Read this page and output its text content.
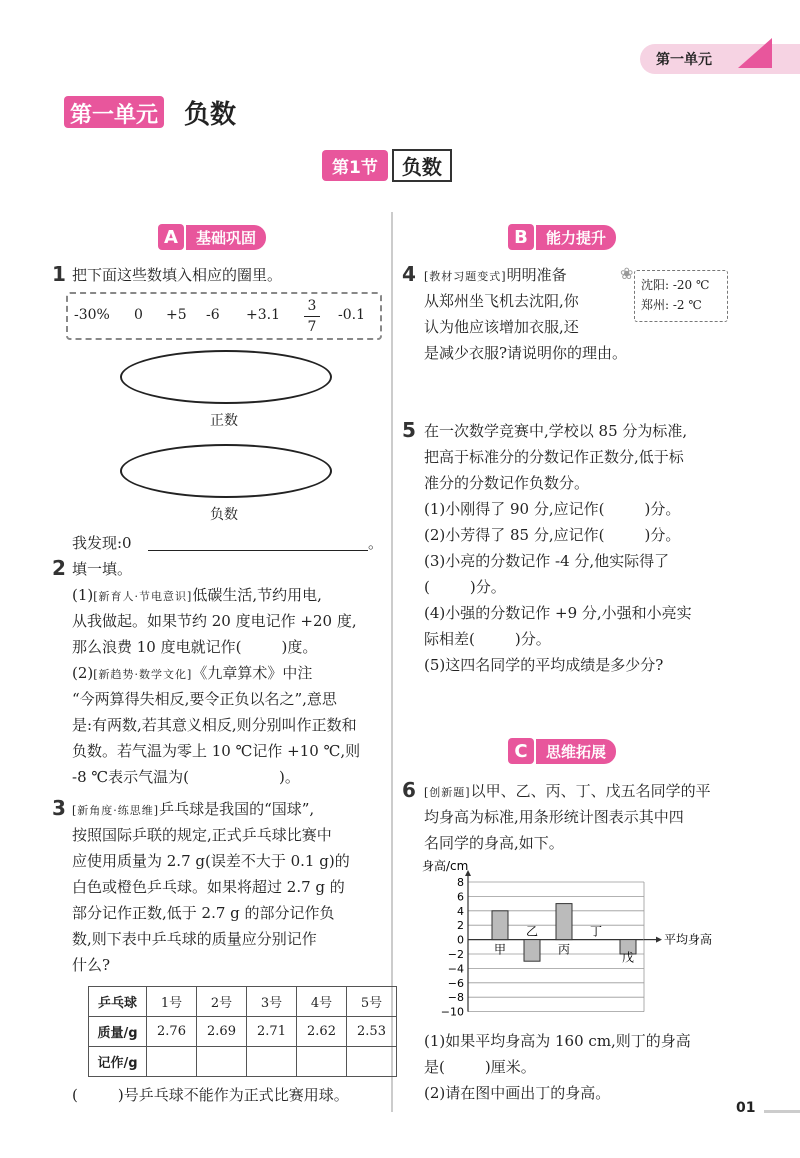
第一单元
第一单元 负数
第1节	负数
A	基础巩固
1 把下面这些数填入相应的圈里。
-30% 0 +5 $-6 +3.1 \frac{3}{7} -0.1$
正数
负数
我发现:0	。
2 填一填。
(1)[新育人·节电意识]低碳生活,节约用电,
从我做起。如果节约 20 度电记作 +20 度,
那么浪费 10 度电就记作(	)度。
(2)[新趋势·数学文化]《九章算术》中注
“今两算得失相反,要令正负以名之”,意思
是:有两数,若其意义相反,则分别叫作正数和
负数。若气温为零上 10 ℃记作 +10 ℃,则
-8 ℃表示气温为(	)。
3 [新角度·练思维]乒乓球是我国的“国球”,
按照国际乒联的规定,正式乒乓球比赛中
应使用质量为 2.7 g(误差不大于 0.1 g)的
白色或橙色乒乓球。如果将超过 2.7 g 的
部分记作正数,低于 2.7 g 的部分记作负
数,则下表中乒乓球的质量应分别记作
什么?
乒乓球	1号	2号	3号	4号	5号
质量/g	2.76	2.69	2.71	2.62	2.53
记作/g					
(	)号乒乓球不能作为正式比赛用球。
B	能力提升
4 [教材习题变式]明明准备
从郑州坐飞机去沈阳,你
认为他应该增加衣服,还
是减少衣服?请说明你的理由。
❀
沈阳: -20 ℃
郑州: -2 ℃
5 在一次数学竞赛中,学校以 85 分为标准,
把高于标准分的分数记作正数分,低于标
准分的分数记作负数分。
(1)小刚得了 90 分,应记作(	)分。
(2)小芳得了 85 分,应记作(	)分。
(3)小亮的分数记作 -4 分,他实际得了
(	)分。
(4)小强的分数记作 +9 分,小强和小亮实
际相差(	)分。
(5)这四名同学的平均成绩是多少分?
C	思维拓展
6 [创新题]以甲、乙、丙、丁、戊五名同学的平
均身高为标准,用条形统计图表示其中四
名同学的身高,如下。
身高/cm
8
6
4
2
0
−2
−4
−6
−8
−10
平均身高
甲
乙
丙
丁
戊
(1)如果平均身高为 160 cm,则丁的身高
是(	)厘米。
(2)请在图中画出丁的身高。
01
